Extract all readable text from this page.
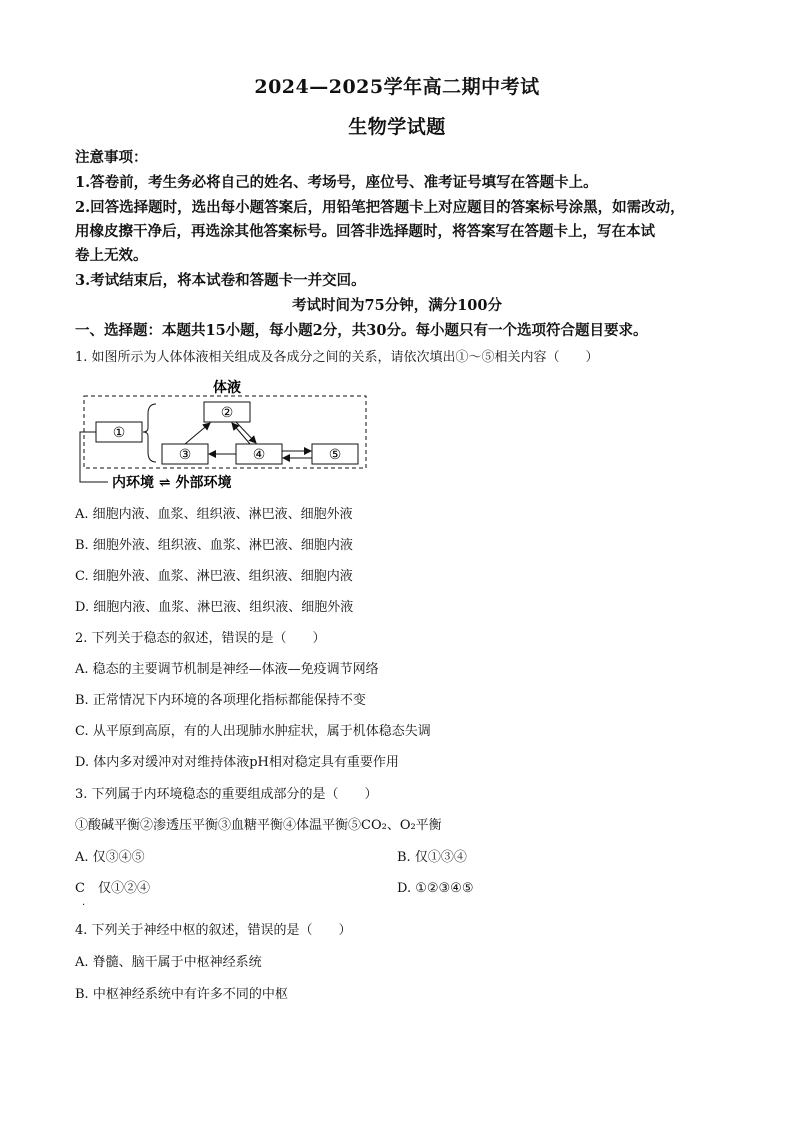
2024—2025学年高二期中考试
生物学试题
注意事项：
1.答卷前，考生务必将自己的姓名、考场号，座位号、准考证号填写在答题卡上。
2.回答选择题时，选出每小题答案后，用铅笔把答题卡上对应题目的答案标号涂黑，如需改动，
用橡皮擦干净后，再选涂其他答案标号。回答非选择题时，将答案写在答题卡上，写在本试
卷上无效。
3.考试结束后，将本试卷和答题卡一并交回。
考试时间为75分钟，满分100分
一、选择题：本题共15小题，每小题2分，共30分。每小题只有一个选项符合题目要求。
1. 如图所示为人体体液相关组成及各成分之间的关系，请依次填出①～⑤相关内容（　　）
体液
①
②
③	④	⑤
内环境 ⇌ 外部环境
A. 细胞内液、血浆、组织液、淋巴液、细胞外液
B. 细胞外液、组织液、血浆、淋巴液、细胞内液
C. 细胞外液、血浆、淋巴液、组织液、细胞内液
D. 细胞内液、血浆、淋巴液、组织液、细胞外液
2. 下列关于稳态的叙述，错误的是（　　）
A. 稳态的主要调节机制是神经—体液—免疫调节网络
B. 正常情况下内环境的各项理化指标都能保持不变
C. 从平原到高原，有的人出现肺水肿症状，属于机体稳态失调
D. 体内多对缓冲对对维持体液pH相对稳定具有重要作用
3. 下列属于内环境稳态的重要组成部分的是（　　）
①酸碱平衡②渗透压平衡③血糖平衡④体温平衡⑤CO₂、O₂平衡
A. 仅③④⑤	B. 仅①③④
C　仅①②④	D. ①②③④⑤
·
4. 下列关于神经中枢的叙述，错误的是（　　）
A. 脊髓、脑干属于中枢神经系统
B. 中枢神经系统中有许多不同的中枢
